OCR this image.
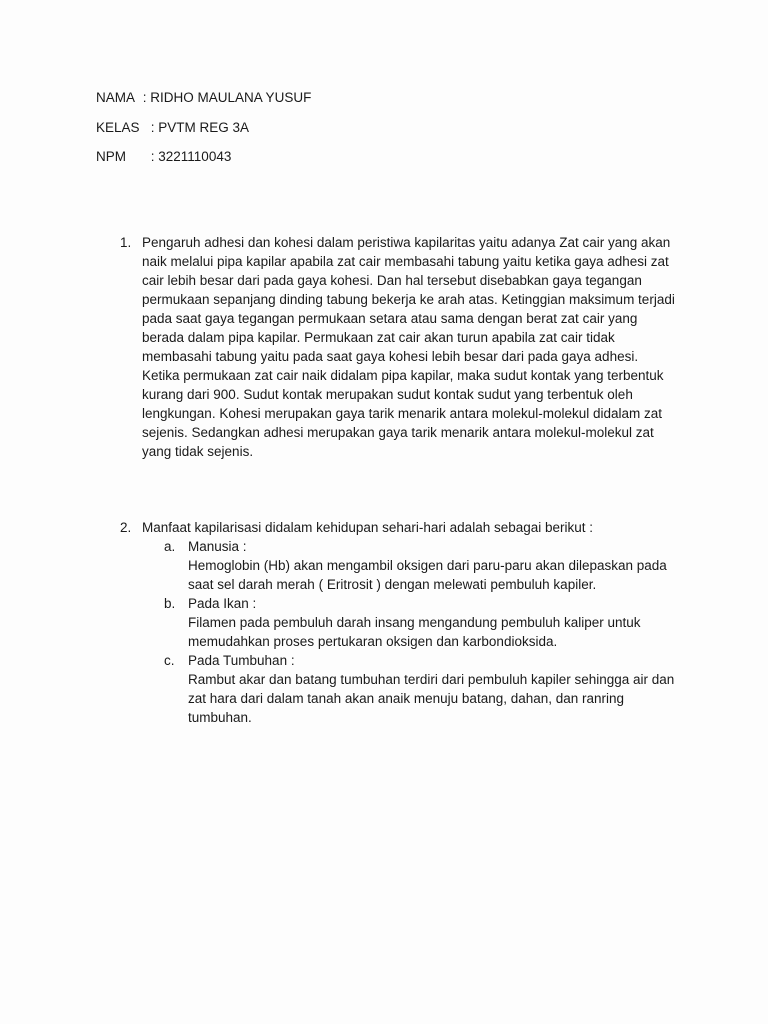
NAMA : RIDHO MAULANA YUSUF
KELAS : PVTM REG 3A
NPM : 3221110043
1. Pengaruh adhesi dan kohesi dalam peristiwa kapilaritas yaitu adanya Zat cair yang akan naik melalui pipa kapilar apabila zat cair membasahi tabung yaitu ketika gaya adhesi zat cair lebih besar dari pada gaya kohesi. Dan hal tersebut disebabkan gaya tegangan permukaan sepanjang dinding tabung bekerja ke arah atas. Ketinggian maksimum terjadi pada saat gaya tegangan permukaan setara atau sama dengan berat zat cair yang berada dalam pipa kapilar. Permukaan zat cair akan turun apabila zat cair tidak membasahi tabung yaitu pada saat gaya kohesi lebih besar dari pada gaya adhesi.

Ketika permukaan zat cair naik didalam pipa kapilar, maka sudut kontak yang terbentuk kurang dari 900. Sudut kontak merupakan sudut kontak sudut yang terbentuk oleh lengkungan. Kohesi merupakan gaya tarik menarik antara molekul-molekul didalam zat sejenis. Sedangkan adhesi merupakan gaya tarik menarik antara molekul-molekul zat yang tidak sejenis.

2. Manfaat kapilarisasi didalam kehidupan sehari-hari adalah sebagai berikut :

a. Manusia :
Hemoglobin (Hb) akan mengambil oksigen dari paru-paru akan dilepaskan pada saat sel darah merah ( Eritrosit ) dengan melewati pembuluh kapiler.
b. Pada Ikan :
Filamen pada pembuluh darah insang mengandung pembuluh kaliper untuk memudahkan proses pertukaran oksigen dan karbondioksida.
c. Pada Tumbuhan :
Rambut akar dan batang tumbuhan terdiri dari pembuluh kapiler sehingga air dan zat hara dari dalam tanah akan anaik menuju batang, dahan, dan ranring tumbuhan.
